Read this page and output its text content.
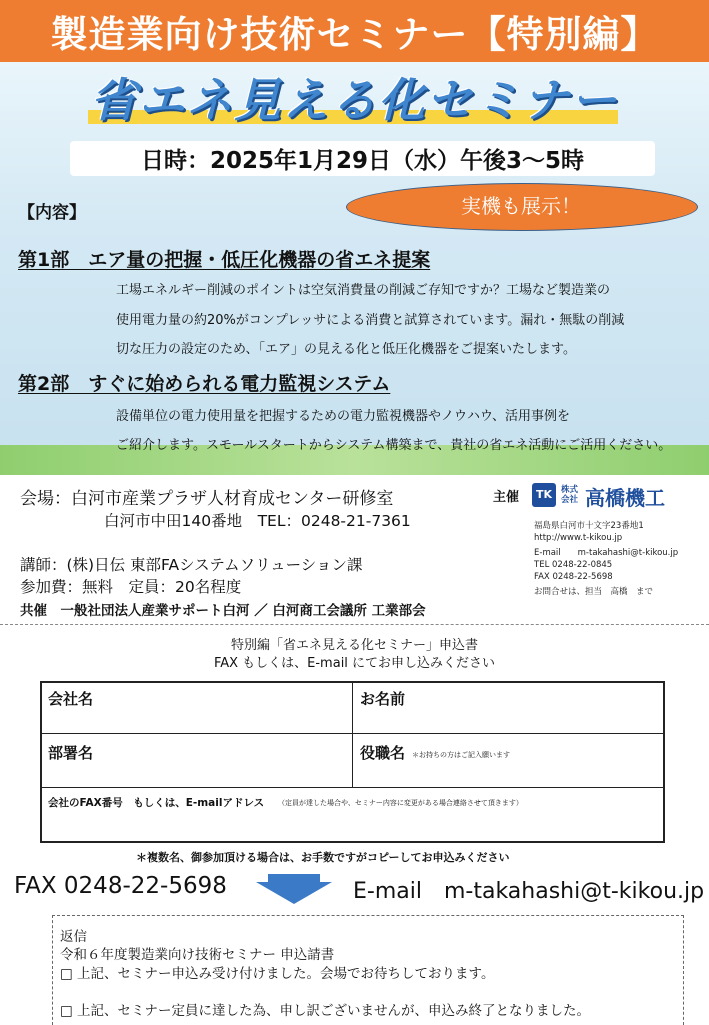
製造業向け技術セミナー【特別編】
省エネ見える化セミナー
日時：2025年1月29日（水）午後3〜5時
【内容】	実機も展示！
第1部　エア量の把握・低圧化機器の省エネ提案
工場エネルギー削減のポイントは空気消費量の削減ご存知ですか？工場など製造業の
使用電力量の約20%がコンプレッサによる消費と試算されています。漏れ・無駄の削減
切な圧力の設定のため、「エア」の見える化と低圧化機器をご提案いたします。
第2部　すぐに始められる電力監視システム
設備単位の電力使用量を把握するための電力監視機器やノウハウ、活用事例を
ご紹介します。スモールスタートからシステム構築まで、貴社の省エネ活動にご活用ください。
会場：白河市産業プラザ人材育成センター研修室
白河市中田140番地　TEL：0248-21-7361
講師：(株)日伝 東部FAシステムソリューション課
参加費：無料　定員：20名程度
共催　一般社団法人産業サポート白河 ／ 白河商工会議所 工業部会
主催	TK	株式
会社 高橋機工
福島県白河市十文字23番地1
http://www.t-kikou.jp
E-mail　　m-takahashi@t-kikou.jp
TEL 0248-22-0845
FAX 0248-22-5698
お問合せは、担当　高橋　まで
特別編「省エネ見える化セミナー」申込書
FAX もしくは、E-mail にてお申し込みください
会社名	お名前
部署名	役職名 ＊お持ちの方はご記入願います
会社のFAX番号　もしくは、E-mailアドレス （定員が達した場合や、セミナー内容に変更がある場合連絡させて頂きます）
＊複数名、御参加頂ける場合は、お手数ですがコピーしてお申込みください
FAX 0248-22-5698	E-mail　m-takahashi@t-kikou.jp
返信
令和６年度製造業向け技術セミナー 申込請書
□ 上記、セミナー申込み受け付けました。会場でお待ちしております。
□ 上記、セミナー定員に達した為、申し訳ございませんが、申込み終了となりました。
